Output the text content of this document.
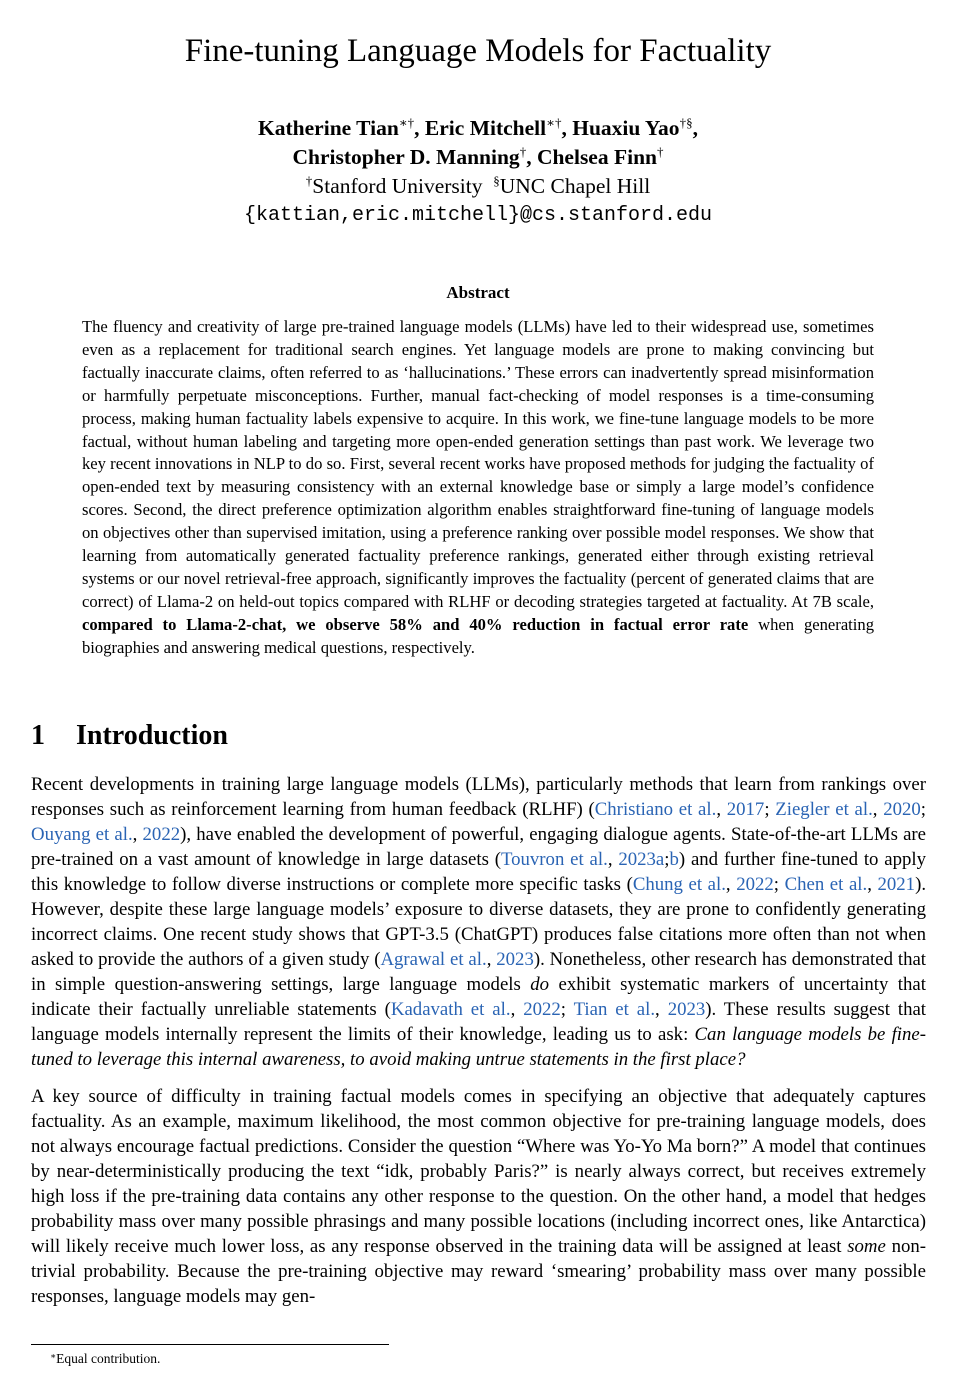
Fine-tuning Language Models for Factuality
Katherine Tian∗†, Eric Mitchell∗†, Huaxiu Yao†§,
Christopher D. Manning†, Chelsea Finn†
†Stanford University §UNC Chapel Hill
{kattian,eric.mitchell}@cs.stanford.edu
Abstract

The fluency and creativity of large pre-trained language models (LLMs) have led to their widespread use, sometimes even as a replacement for traditional search engines. Yet language models are prone to making convincing but factually inaccurate claims, often referred to as ‘hallucinations.’ These errors can inadvertently spread misinformation or harmfully perpetuate misconceptions. Further, manual fact-checking of model responses is a time-consuming process, making human factuality labels expensive to acquire. In this work, we fine-tune language models to be more factual, without human labeling and targeting more open-ended generation settings than past work. We leverage two key recent innovations in NLP to do so. First, several recent works have proposed methods for judging the factuality of open-ended text by measuring consistency with an external knowledge base or simply a large model’s confidence scores. Second, the direct preference optimization algorithm enables straightforward fine-tuning of language models on objectives other than supervised imitation, using a preference ranking over possible model responses. We show that learning from automatically generated factuality preference rankings, generated either through existing retrieval systems or our novel retrieval-free approach, significantly improves the factuality (percent of generated claims that are correct) of Llama-2 on held-out topics compared with RLHF or decoding strategies targeted at factuality. At 7B scale, compared to Llama-2-chat, we observe 58% and 40% reduction in factual error rate when generating biographies and answering medical questions, respectively.

1 Introduction

Recent developments in training large language models (LLMs), particularly methods that learn from rankings over responses such as reinforcement learning from human feedback (RLHF) (Christiano et al., 2017; Ziegler et al., 2020; Ouyang et al., 2022), have enabled the development of powerful, engaging dialogue agents. State-of-the-art LLMs are pre-trained on a vast amount of knowledge in large datasets (Touvron et al., 2023a;b) and further fine-tuned to apply this knowledge to follow diverse instructions or complete more specific tasks (Chung et al., 2022; Chen et al., 2021). However, despite these large language models’ exposure to diverse datasets, they are prone to confidently generating incorrect claims. One recent study shows that GPT-3.5 (ChatGPT) produces false citations more often than not when asked to provide the authors of a given study (Agrawal et al., 2023). Nonetheless, other research has demonstrated that in simple question-answering settings, large language models do exhibit systematic markers of uncertainty that indicate their factually unreliable statements (Kadavath et al., 2022; Tian et al., 2023). These results suggest that language models internally represent the limits of their knowledge, leading us to ask: Can language models be fine-tuned to leverage this internal awareness, to avoid making untrue statements in the first place?

A key source of difficulty in training factual models comes in specifying an objective that adequately captures factuality. As an example, maximum likelihood, the most common objective for pre-training language models, does not always encourage factual predictions. Consider the question “Where was Yo-Yo Ma born?” A model that continues by near-deterministically producing the text “idk, probably Paris?” is nearly always correct, but receives extremely high loss if the pre-training data contains any other response to the question. On the other hand, a model that hedges probability mass over many possible phrasings and many possible locations (including incorrect ones, like Antarctica) will likely receive much lower loss, as any response observed in the training data will be assigned at least some non-trivial probability. Because the pre-training objective may reward ‘smearing’ probability mass over many possible responses, language models may gen-

∗Equal contribution.
